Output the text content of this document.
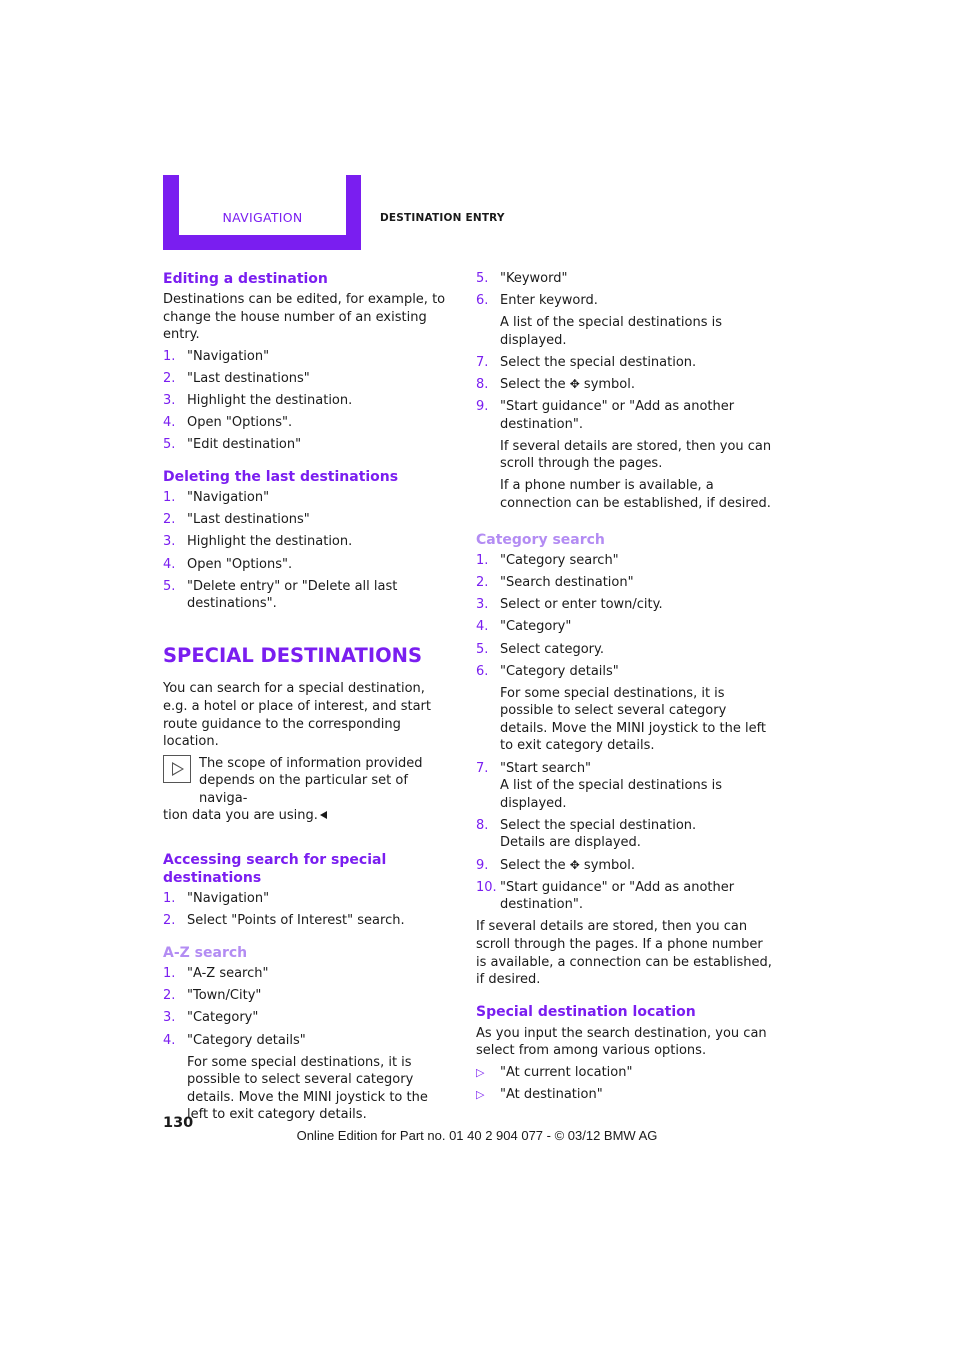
NAVIGATION	DESTINATION ENTRY
Editing a destination

Destinations can be edited, for example, to change the house number of an existing entry.

1. "Navigation"
2. "Last destinations"
3. Highlight the destination.
4. Open "Options".
5. "Edit destination"
Deleting the last destinations
1. "Navigation"
2. "Last destinations"
3. Highlight the destination.
4. Open "Options".
5. "Delete entry" or "Delete all last destinations".
SPECIAL DESTINATIONS

You can search for a special destination, e.g. a hotel or place of interest, and start route guidance to the corresponding location.

The scope of information provided depends on the particular set of naviga-
tion data you are using.
Accessing search for special destinations
1. "Navigation"
2. Select "Points of Interest" search.
A-Z search
1. "A-Z search"
2. "Town/City"
3. "Category"
4. "Category details"
For some special destinations, it is possible to select several category details. Move the MINI joystick to the left to exit category details.
5. "Keyword"
6. Enter keyword.
A list of the special destinations is displayed.
7. Select the special destination.
8. Select the ✥ symbol.
9. "Start guidance" or "Add as another destination".
If several details are stored, then you can scroll through the pages.
If a phone number is available, a connection can be established, if desired.
Category search
1. "Category search"
2. "Search destination"
3. Select or enter town/city.
4. "Category"
5. Select category.
6. "Category details"
For some special destinations, it is possible to select several category details. Move the MINI joystick to the left to exit category details.
7. "Start search"
A list of the special destinations is displayed.
8. Select the special destination.
Details are displayed.
9. Select the ✥ symbol.
10. "Start guidance" or "Add as another destination".

If several details are stored, then you can scroll through the pages. If a phone number is available, a connection can be established, if desired.

Special destination location

As you input the search destination, you can select from among various options.

▷ "At current location"
▷ "At destination"
130
Online Edition for Part no. 01 40 2 904 077 - © 03/12 BMW AG
